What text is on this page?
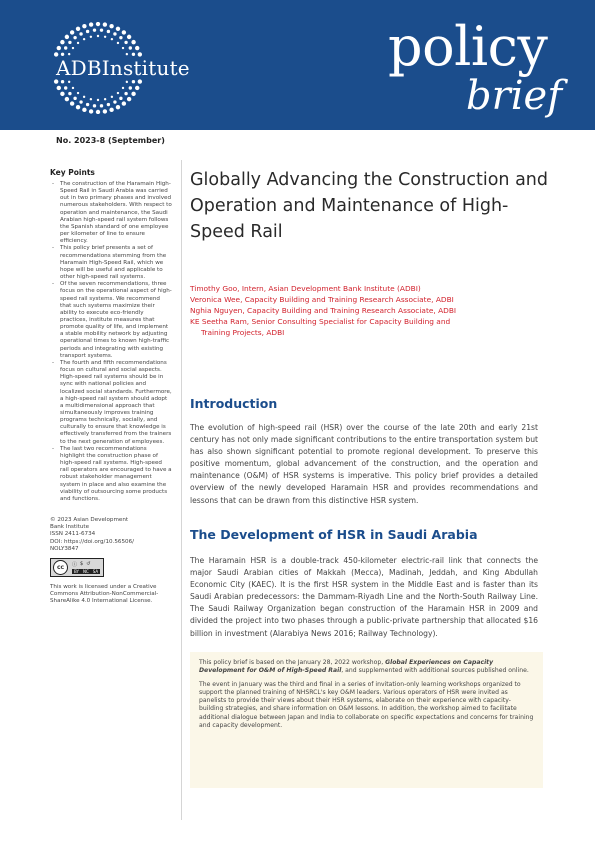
ADBInstitute	policy
brief
No. 2023-8 (September)
Key Points
- The construction of the Haramain High-Speed Rail in Saudi Arabia was carried out in two primary phases and involved numerous stakeholders. With respect to operation and maintenance, the Saudi Arabian high-speed rail system follows the Spanish standard of one employee per kilometer of line to ensure efficiency.
- This policy brief presents a set of recommendations stemming from the Haramain High-Speed Rail, which we hope will be useful and applicable to other high-speed rail systems.
- Of the seven recommendations, three focus on the operational aspect of high-speed rail systems. We recommend that such systems maximize their ability to execute eco-friendly practices, institute measures that promote quality of life, and implement a stable mobility network by adjusting operational times to known high-traffic periods and integrating with existing transport systems.
- The fourth and fifth recommendations focus on cultural and social aspects. High-speed rail systems should be in sync with national policies and localized social standards. Furthermore, a high-speed rail system should adopt a multidimensional approach that simultaneously improves training programs technically, socially, and culturally to ensure that knowledge is effectively transferred from the trainers to the next generation of employees.
- The last two recommendations highlight the construction phase of high-speed rail systems. High-speed rail operators are encouraged to have a robust stakeholder management system in place and also examine the viability of outsourcing some products and functions.
© 2023 Asian Development
Bank Institute
ISSN 2411-6734
DOI: https://doi.org/10.56506/
NOLY3847
cc	ⓘ $ ↺
BY NC SA
This work is licensed under a Creative Commons Attribution-NonCommercial-ShareAlike 4.0 International License.
Globally Advancing the Construction and Operation and Maintenance of High-Speed Rail
Timothy Goo, Intern, Asian Development Bank Institute (ADBI)
Veronica Wee, Capacity Building and Training Research Associate, ADBI
Nghia Nguyen, Capacity Building and Training Research Associate, ADBI
KE Seetha Ram, Senior Consulting Specialist for Capacity Building and
Training Projects, ADBI
Introduction

The evolution of high-speed rail (HSR) over the course of the late 20th and early 21st century has not only made significant contributions to the entire transportation system but has also shown significant potential to promote regional development. To preserve this positive momentum, global advancement of the construction, and the operation and maintenance (O&M) of HSR systems is imperative. This policy brief provides a detailed overview of the newly developed Haramain HSR and provides recommendations and lessons that can be drawn from this distinctive HSR system.

The Development of HSR in Saudi Arabia

The Haramain HSR is a double-track 450-kilometer electric-rail link that connects the major Saudi Arabian cities of Makkah (Mecca), Madinah, Jeddah, and King Abdullah Economic City (KAEC). It is the first HSR system in the Middle East and is faster than its Saudi Arabian predecessors: the Dammam-Riyadh Line and the North-South Railway Line. The Saudi Railway Organization began construction of the Haramain HSR in 2009 and divided the project into two phases through a public-private partnership that allocated $16 billion in investment (Alarabiya News 2016; Railway Technology).

This policy brief is based on the January 28, 2022 workshop, Global Experiences on Capacity Development for O&M of High-Speed Rail, and supplemented with additional sources published online.

The event in January was the third and final in a series of invitation-only learning workshops organized to support the planned training of NHSRCL's key O&M leaders. Various operators of HSR were invited as panelists to provide their views about their HSR systems, elaborate on their experience with capacity-building strategies, and share information on O&M lessons. In addition, the workshop aimed to facilitate additional dialogue between Japan and India to collaborate on specific expectations and concerns for training and capacity development.
